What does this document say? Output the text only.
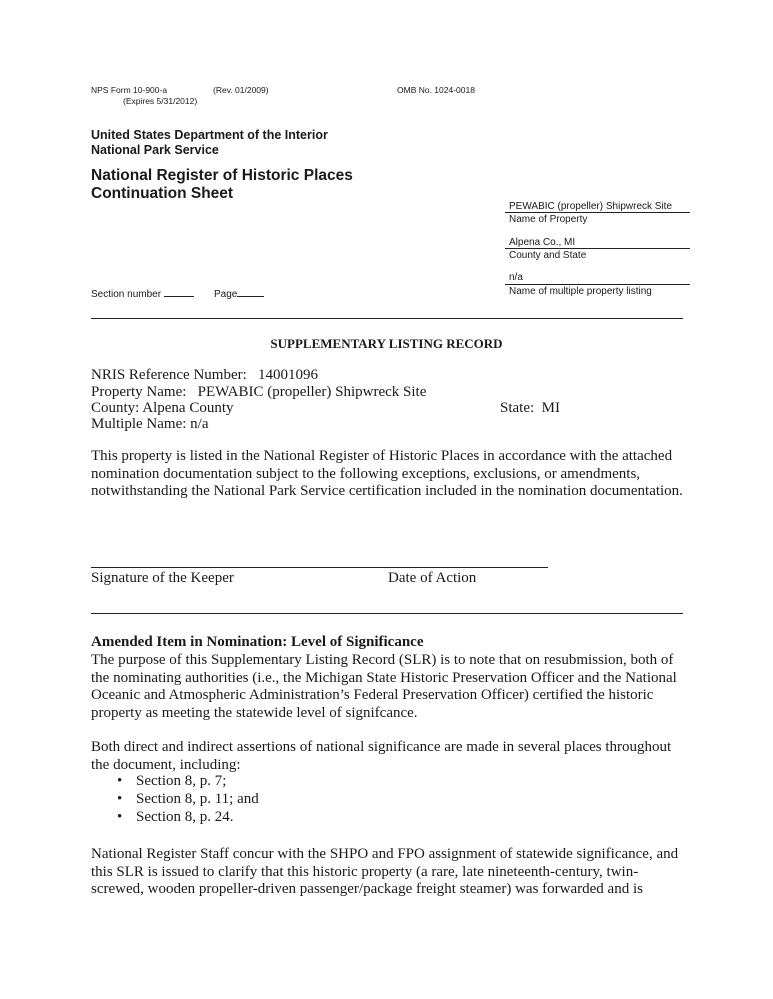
NPS Form 10-900-a	(Rev. 01/2009)
(Expires 5/31/2012)
OMB No. 1024-0018
United States Department of the Interior
National Park Service
National Register of Historic Places
Continuation Sheet
PEWABIC (propeller) Shipwreck Site
Name of Property
Alpena Co., MI
County and State
n/a
Name of multiple property listing
Section number	Page
SUPPLEMENTARY LISTING RECORD
NRIS Reference Number: 14001096
Property Name: PEWABIC (propeller) Shipwreck Site
County: Alpena County	State: MI
Multiple Name: n/a
This property is listed in the National Register of Historic Places in accordance with the attached nomination documentation subject to the following exceptions, exclusions, or amendments, notwithstanding the National Park Service certification included in the nomination documentation.
Signature of the Keeper	Date of Action
Amended Item in Nomination: Level of Significance
The purpose of this Supplementary Listing Record (SLR) is to note that on resubmission, both of the nominating authorities (i.e., the Michigan State Historic Preservation Officer and the National Oceanic and Atmospheric Administration’s Federal Preservation Officer) certified the historic property as meeting the statewide level of signifcance.
Both direct and indirect assertions of national significance are made in several places throughout the document, including:
• Section 8, p. 7;
• Section 8, p. 11; and
• Section 8, p. 24.
National Register Staff concur with the SHPO and FPO assignment of statewide significance, and this SLR is issued to clarify that this historic property (a rare, late nineteenth-century, twin-screwed, wooden propeller-driven passenger/package freight steamer) was forwarded and is
